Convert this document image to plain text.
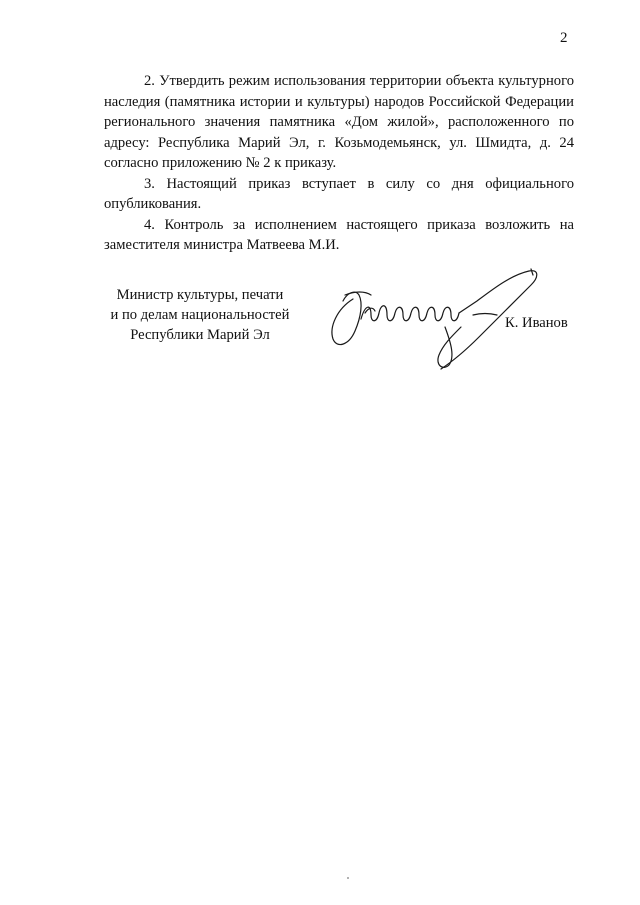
2

2. Утвердить режим использования территории объекта культурного наследия (памятника истории и культуры) народов Российской Федерации регионального значения памятника «Дом жилой», расположенного по адресу: Республика Марий Эл, г. Козьмодемьянск, ул. Шмидта, д. 24 согласно приложению № 2 к приказу.

3. Настоящий приказ вступает в силу со дня официального опубликования.

4. Контроль за исполнением настоящего приказа возложить на заместителя министра Матвеева М.И.

Министр культуры, печати
и по делам национальностей
Республики Марий Эл
К. Иванов
